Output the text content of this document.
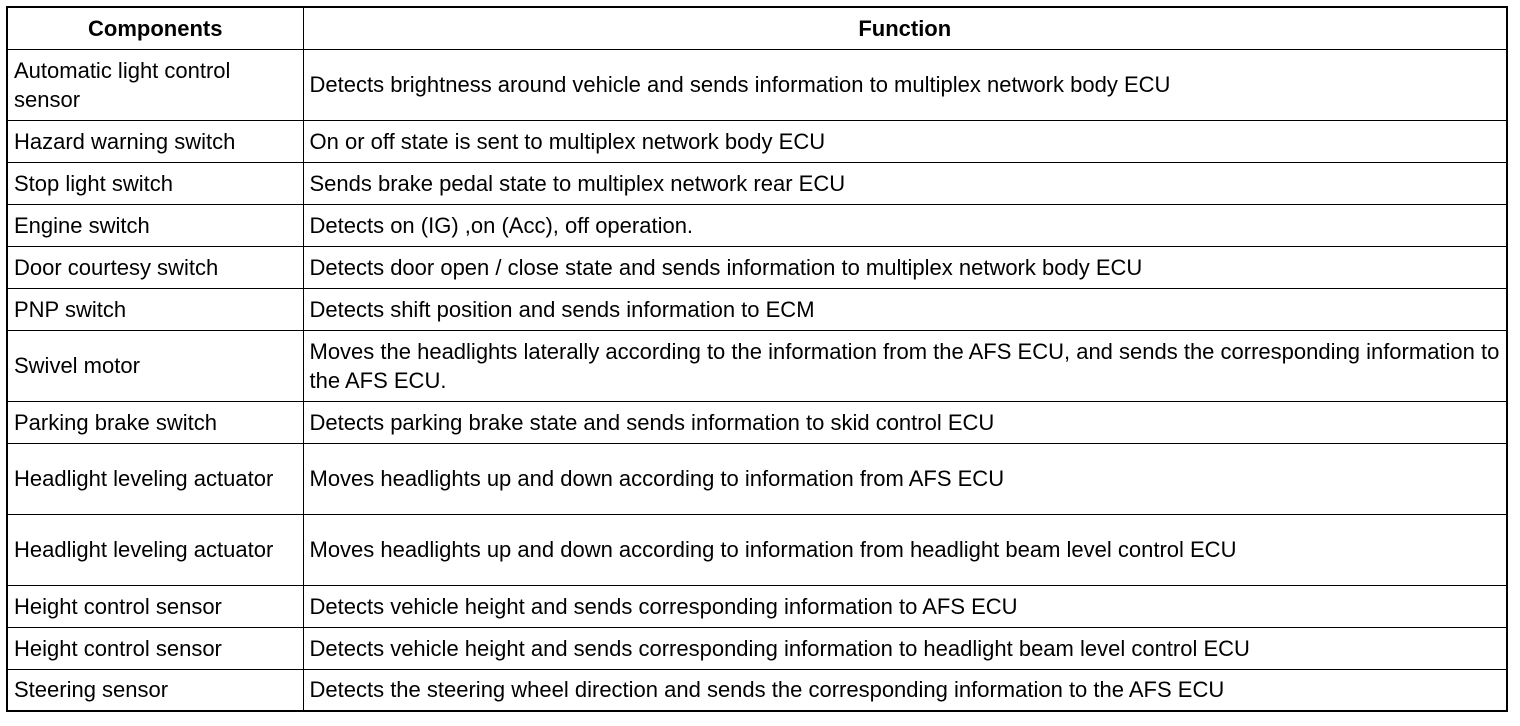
Components	Function
Automatic light control sensor	Detects brightness around vehicle and sends information to multiplex network body ECU
Hazard warning switch	On or off state is sent to multiplex network body ECU
Stop light switch	Sends brake pedal state to multiplex network rear ECU
Engine switch	Detects on (IG) ,on (Acc), off operation.
Door courtesy switch	Detects door open / close state and sends information to multiplex network body ECU
PNP switch	Detects shift position and sends information to ECM
Swivel motor	Moves the headlights laterally according to the information from the AFS ECU, and sends the corresponding information to the AFS ECU.
Parking brake switch	Detects parking brake state and sends information to skid control ECU
Headlight leveling actuator	Moves headlights up and down according to information from AFS ECU
Headlight leveling actuator	Moves headlights up and down according to information from headlight beam level control ECU
Height control sensor	Detects vehicle height and sends corresponding information to AFS ECU
Height control sensor	Detects vehicle height and sends corresponding information to headlight beam level control ECU
Steering sensor	Detects the steering wheel direction and sends the corresponding information to the AFS ECU
